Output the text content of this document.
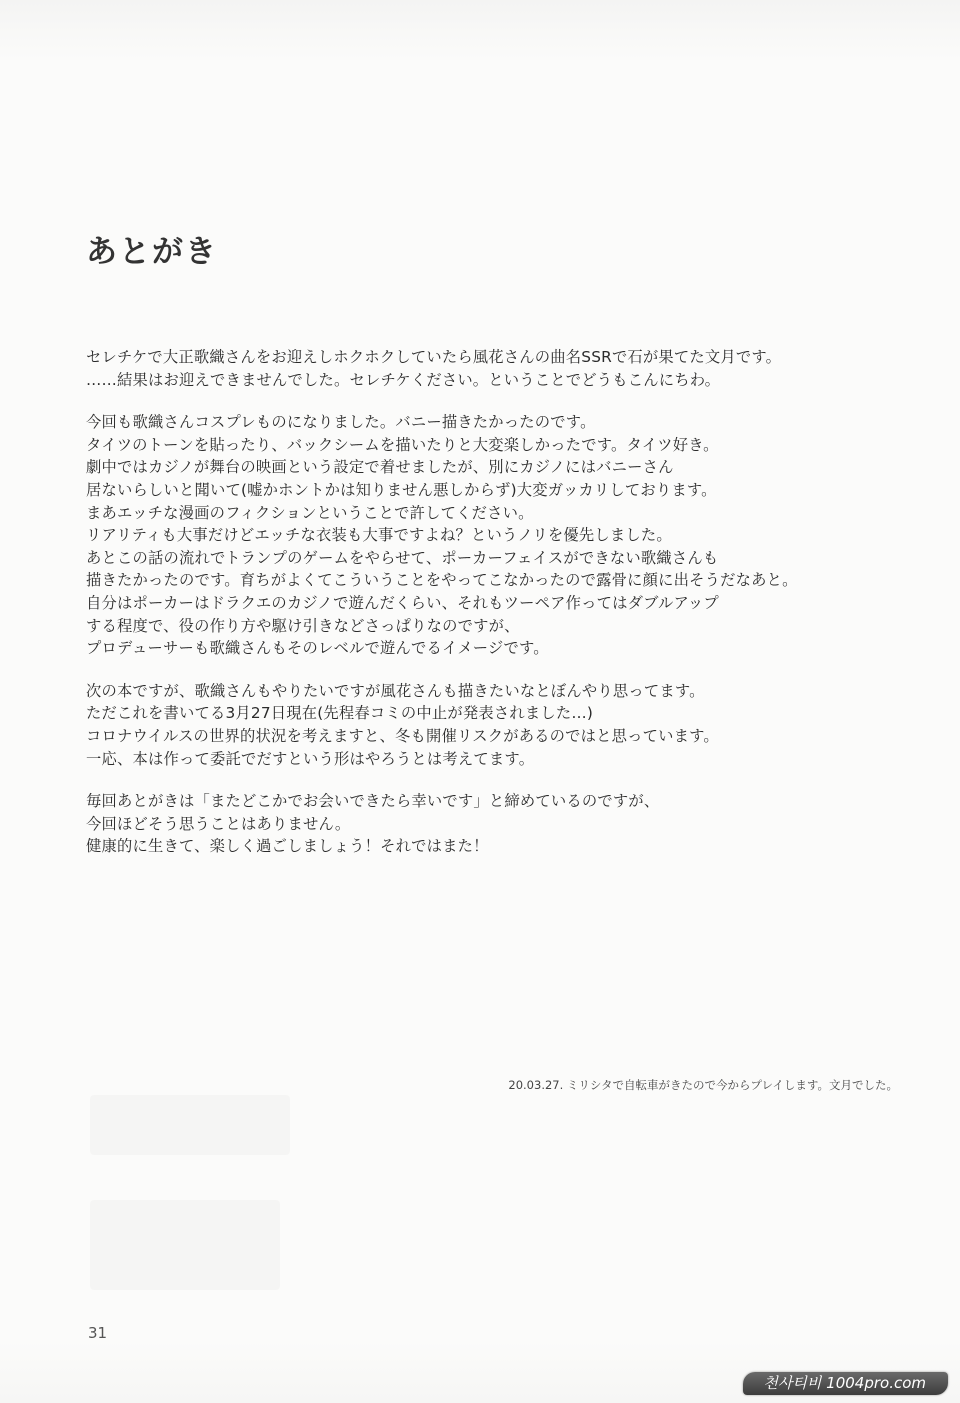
あとがき
セレチケで大正歌織さんをお迎えしホクホクしていたら風花さんの曲名SSRで石が果てた文月です。
……結果はお迎えできませんでした。セレチケください。ということでどうもこんにちわ。
今回も歌織さんコスプレものになりました。バニー描きたかったのです。
タイツのトーンを貼ったり、バックシームを描いたりと大変楽しかったです。タイツ好き。
劇中ではカジノが舞台の映画という設定で着せましたが、別にカジノにはバニーさん
居ないらしいと聞いて(嘘かホントかは知りません悪しからず)大変ガッカリしております。
まあエッチな漫画のフィクションということで許してください。
リアリティも大事だけどエッチな衣装も大事ですよね？というノリを優先しました。
あとこの話の流れでトランプのゲームをやらせて、ポーカーフェイスができない歌織さんも
描きたかったのです。育ちがよくてこういうことをやってこなかったので露骨に顔に出そうだなあと。
自分はポーカーはドラクエのカジノで遊んだくらい、それもツーペア作ってはダブルアップ
する程度で、役の作り方や駆け引きなどさっぱりなのですが、
プロデューサーも歌織さんもそのレベルで遊んでるイメージです。
次の本ですが、歌織さんもやりたいですが風花さんも描きたいなとぼんやり思ってます。
ただこれを書いてる3月27日現在(先程春コミの中止が発表されました…)
コロナウイルスの世界的状況を考えますと、冬も開催リスクがあるのではと思っています。
一応、本は作って委託でだすという形はやろうとは考えてます。
毎回あとがきは「またどこかでお会いできたら幸いです」と締めているのですが、
今回ほどそう思うことはありません。
健康的に生きて、楽しく過ごしましょう！それではまた！
20.03.27. ミリシタで自転車がきたので今からプレイします。文月でした。
31
천사티비 1004pro.com
